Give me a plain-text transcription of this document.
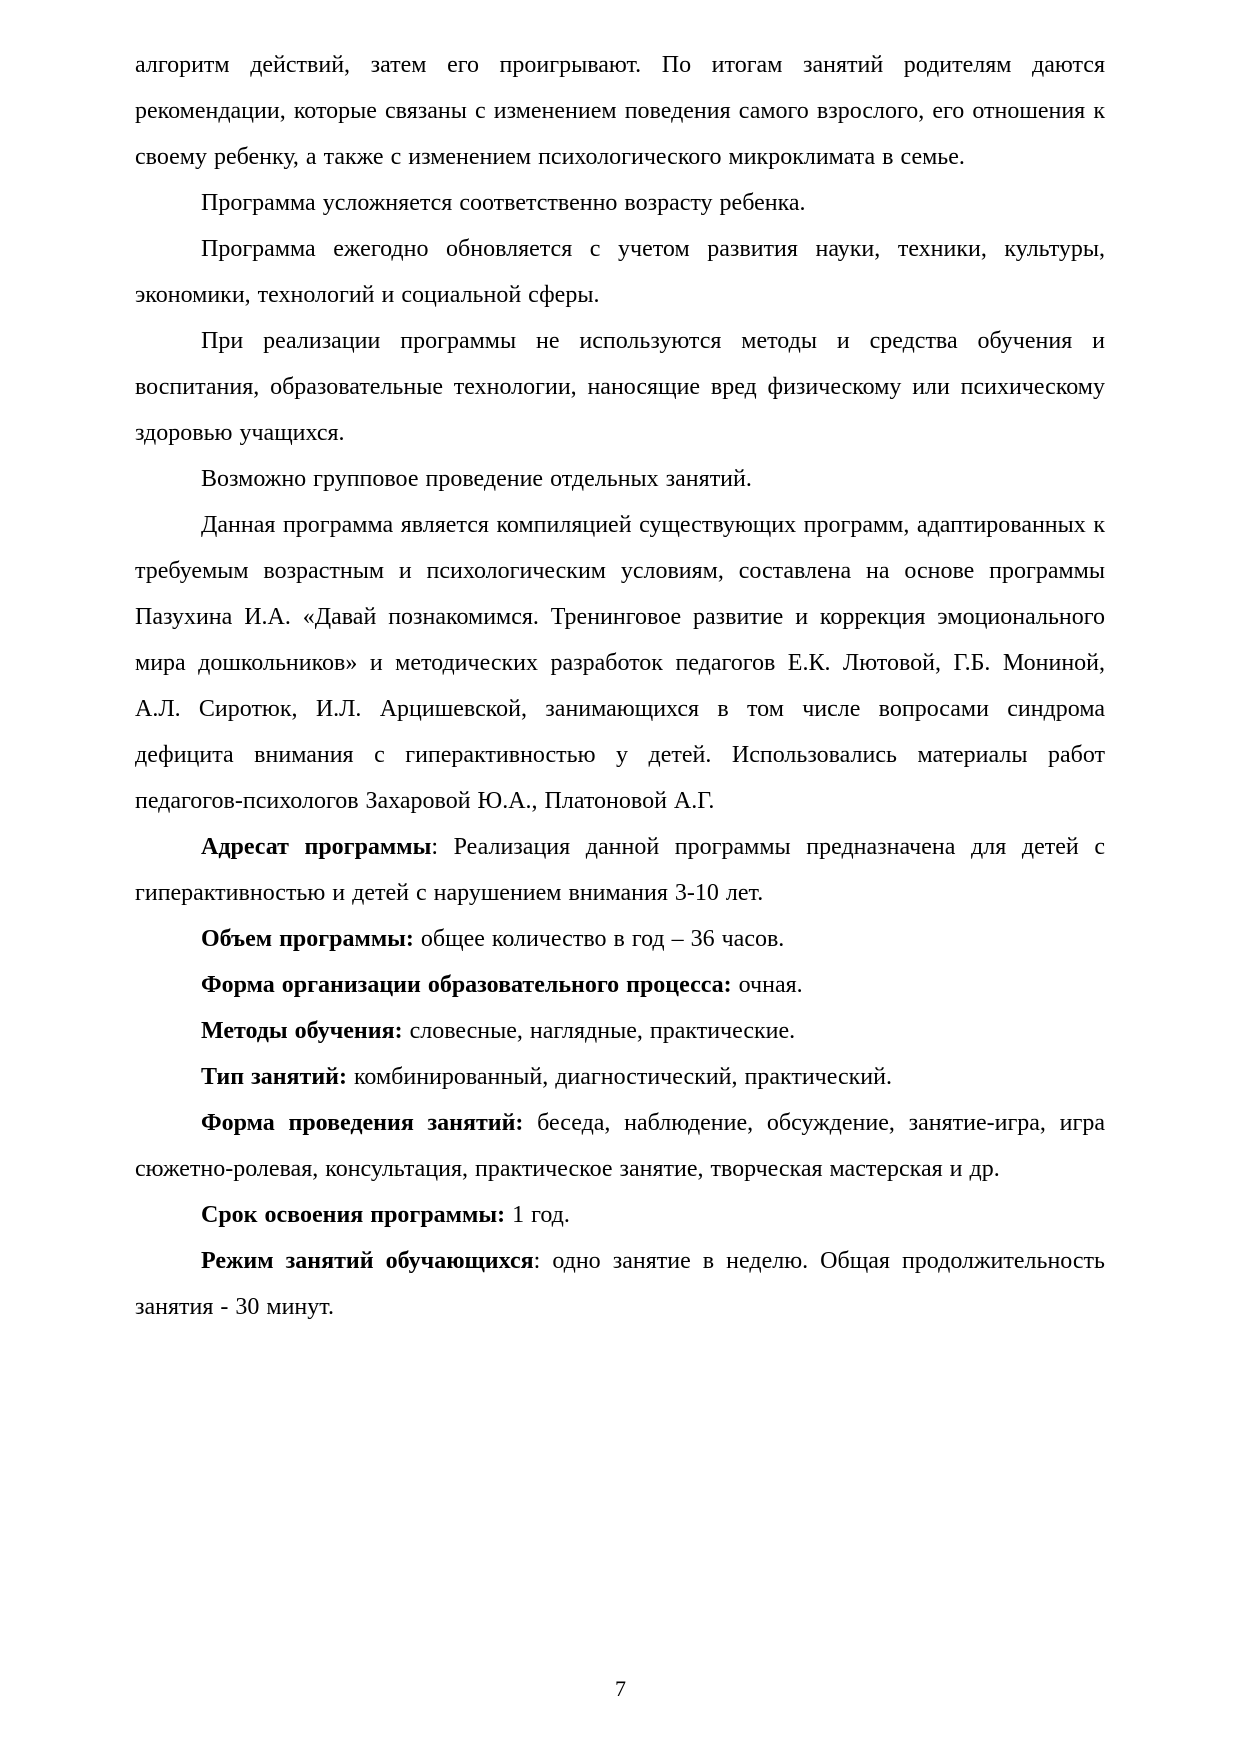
алгоритм действий, затем его проигрывают. По итогам занятий родителям даются рекомендации, которые связаны с изменением поведения самого взрослого, его отношения к своему ребенку, а также с изменением психологического микроклимата в семье.

Программа усложняется соответственно возрасту ребенка.

Программа ежегодно обновляется с учетом развития науки, техники, культуры, экономики, технологий и социальной сферы.

При реализации программы не используются методы и средства обучения и воспитания, образовательные технологии, наносящие вред физическому или психическому здоровью учащихся.

Возможно групповое проведение отдельных занятий.

Данная программа является компиляцией существующих программ, адаптированных к требуемым возрастным и психологическим условиям, составлена на основе программы Пазухина И.А. «Давай познакомимся. Тренинговое развитие и коррекция эмоционального мира дошкольников» и методических разработок педагогов Е.К. Лютовой, Г.Б. Мониной, А.Л. Сиротюк, И.Л. Арцишевской, занимающихся в том числе вопросами синдрома дефицита внимания с гиперактивностью у детей. Использовались материалы работ педагогов-психологов Захаровой Ю.А., Платоновой А.Г.

Адресат программы: Реализация данной программы предназначена для детей с гиперактивностью и детей с нарушением внимания 3-10 лет.

Объем программы: общее количество в год – 36 часов.

Форма организации образовательного процесса: очная.

Методы обучения: словесные, наглядные, практические.

Тип занятий: комбинированный, диагностический, практический.

Форма проведения занятий: беседа, наблюдение, обсуждение, занятие-игра, игра сюжетно-ролевая, консультация, практическое занятие, творческая мастерская и др.

Срок освоения программы: 1 год.

Режим занятий обучающихся: одно занятие в неделю. Общая продолжительность занятия - 30 минут.

7
